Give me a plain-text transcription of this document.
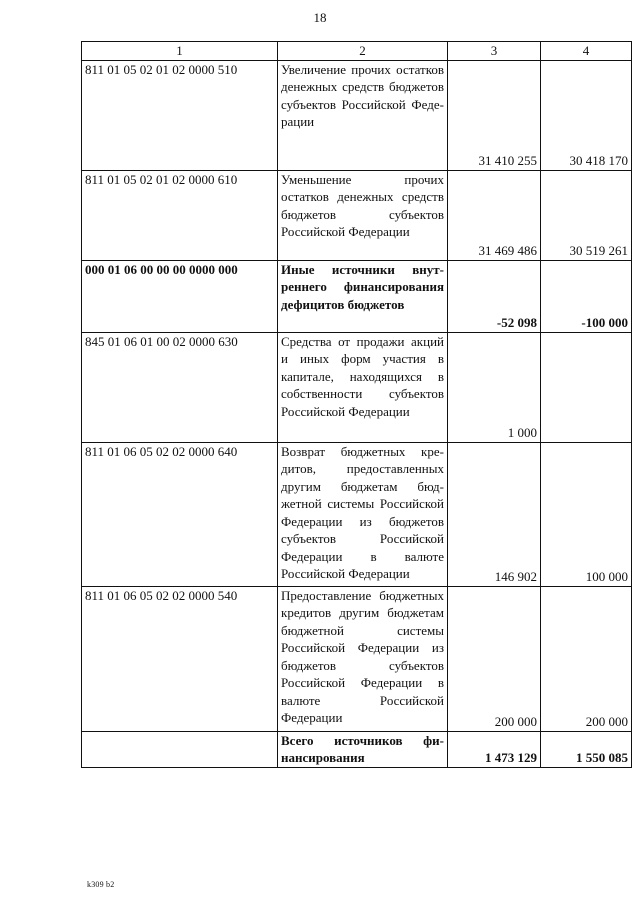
18
1	2	3	4
811 01 05 02 01 02 0000 510	Увеличение прочих остатков денежных средств бюджетов субъектов Российской Федерации	31 410 255	30 418 170
811 01 05 02 01 02 0000 610	Уменьшение прочих остатков денежных средств бюджетов субъектов Российской Федерации	31 469 486	30 519 261
000 01 06 00 00 00 0000 000	Иные источники внутреннего финансирования дефицитов бюджетов	-52 098	-100 000
845 01 06 01 00 02 0000 630	Средства от продажи акций и иных форм участия в капитале, находящихся в собственности субъектов Российской Федерации	1 000	
811 01 06 05 02 02 0000 640	Возврат бюджетных кредитов, предоставленных другим бюджетам бюджетной системы Российской Федерации из бюджетов субъектов Российской Федерации в валюте Российской Федерации	146 902	100 000
811 01 06 05 02 02 0000 540	Предоставление бюджетных кредитов другим бюджетам бюджетной системы Российской Федерации из бюджетов субъектов Российской Федерации в валюте Российской Федерации	200 000	200 000
	Всего источников финансирования	1 473 129	1 550 085
k309 b2
